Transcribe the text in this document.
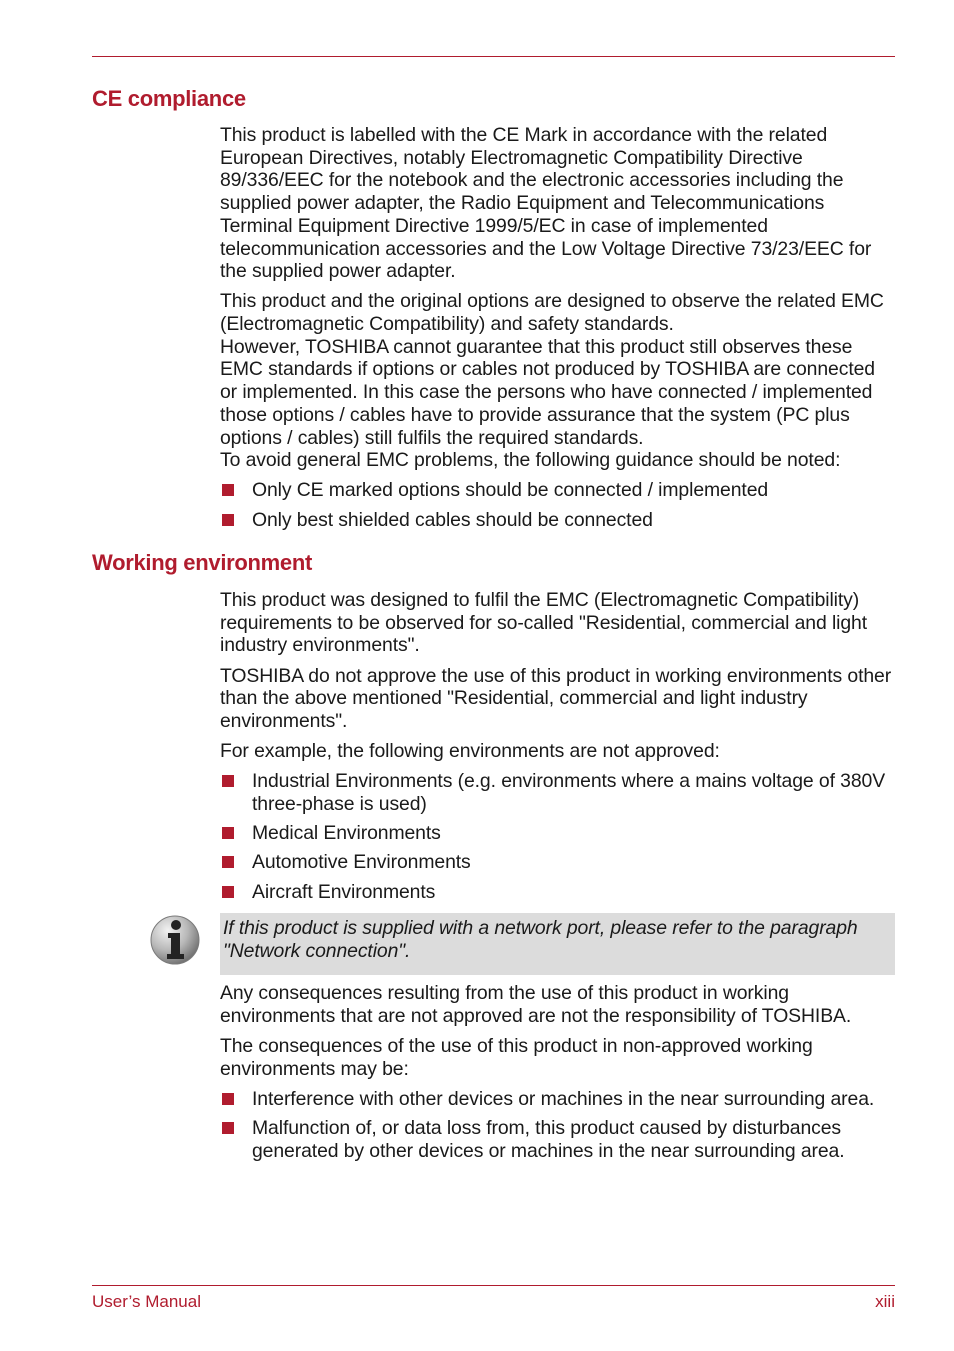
CE compliance

This product is labelled with the CE Mark in accordance with the related European Directives, notably Electromagnetic Compatibility Directive 89/336/EEC for the notebook and the electronic accessories including the supplied power adapter, the Radio Equipment and Telecommunications Terminal Equipment Directive 1999/5/EC in case of implemented telecommunication accessories and the Low Voltage Directive 73/23/EEC for the supplied power adapter.

This product and the original options are designed to observe the related EMC (Electromagnetic Compatibility) and safety standards.
However, TOSHIBA cannot guarantee that this product still observes these EMC standards if options or cables not produced by TOSHIBA are connected or implemented. In this case the persons who have connected / implemented those options / cables have to provide assurance that the system (PC plus options / cables) still fulfils the required standards.
To avoid general EMC problems, the following guidance should be noted:

Only CE marked options should be connected / implemented
Only best shielded cables should be connected
Working environment

This product was designed to fulfil the EMC (Electromagnetic Compatibility) requirements to be observed for so-called "Residential, commercial and light industry environments".

TOSHIBA do not approve the use of this product in working environments other than the above mentioned "Residential, commercial and light industry environments".

For example, the following environments are not approved:

Industrial Environments (e.g. environments where a mains voltage of 380V three-phase is used)
Medical Environments
Automotive Environments
Aircraft Environments
If this product is supplied with a network port, please refer to the paragraph "Network connection".

Any consequences resulting from the use of this product in working environments that are not approved are not the responsibility of TOSHIBA.

The consequences of the use of this product in non-approved working environments may be:

Interference with other devices or machines in the near surrounding area.
Malfunction of, or data loss from, this product caused by disturbances generated by other devices or machines in the near surrounding area.
User’s Manual	xiii
